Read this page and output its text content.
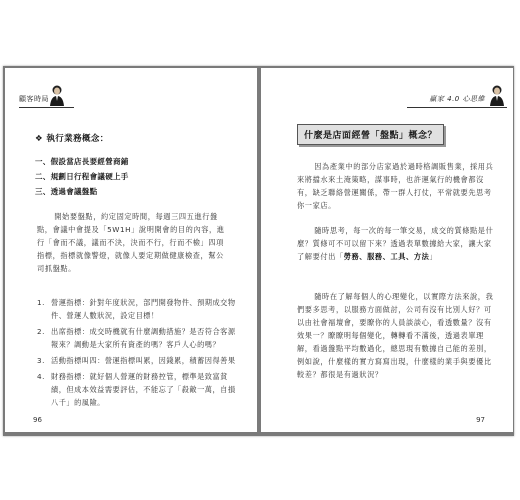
顧客時局
❖ 執行業務概念：
一、假設當店長要經營商鋪
二、規劃日行程會議硬上手
三、透過會議盤點

開始要盤點，約定固定時間，每週三四五進行盤點，會議中會提及「5W1H」說明開會的目的內容，進行「會而不議，議而不決，決而不行，行而不檢」四項指標，指標就像警燈，就像人要定期做健康檢查，幫公司抓盤點。

1. 營運指標：針對年度狀況，部門開發物件、預期成交物件、營運人數狀況，設定目標！
2. 出席指標：成交時機就有什麼調動措施？是否符合客源報來？調動是大家所有資產的嗎？客戶人心的嗎？
3. 活動指標叫四：營運指標叫累，因錢累，積蓄因得善果
4. 財務指標：就好個人營運的財務控管，標準是致富貧績，但成本效益需要評估，不能忘了「殺敵一萬，自損八千」的風險。
96
贏家 4.0 心思維
什麼是店面經營「盤點」概念？

因為產業中的部分店家過於過時格調販售業，採用兵來將擋水來土淹策略，謀事時，也許運氣行的機會都沒有，缺乏聯絡營運關係，帶一群人打仗，平常就要先思考你一家店。

隨時思考，每一次的每一筆交易，成交的質條點是什麼？質條可不可以留下來？透過表單數據給大家，讓大家了解要付出「勞務、服務、工具、方法」

隨時在了解每個人的心理變化，以實際方法來說，我們要多思考，以服務方面做討，公司有沒有比別人好？可以由社會福壇會，要瞭你的人員談談心，看透數量？沒有效果一？瞭瞭明每個變化，轉轉看不滿後，透過表單理解，看過盤點平均數過化，總思現有數據自己能的差別，例如說，什麼樣的實方寫寫出現，什麼樣的業手與要優比較差？都很是有過狀況？

97
